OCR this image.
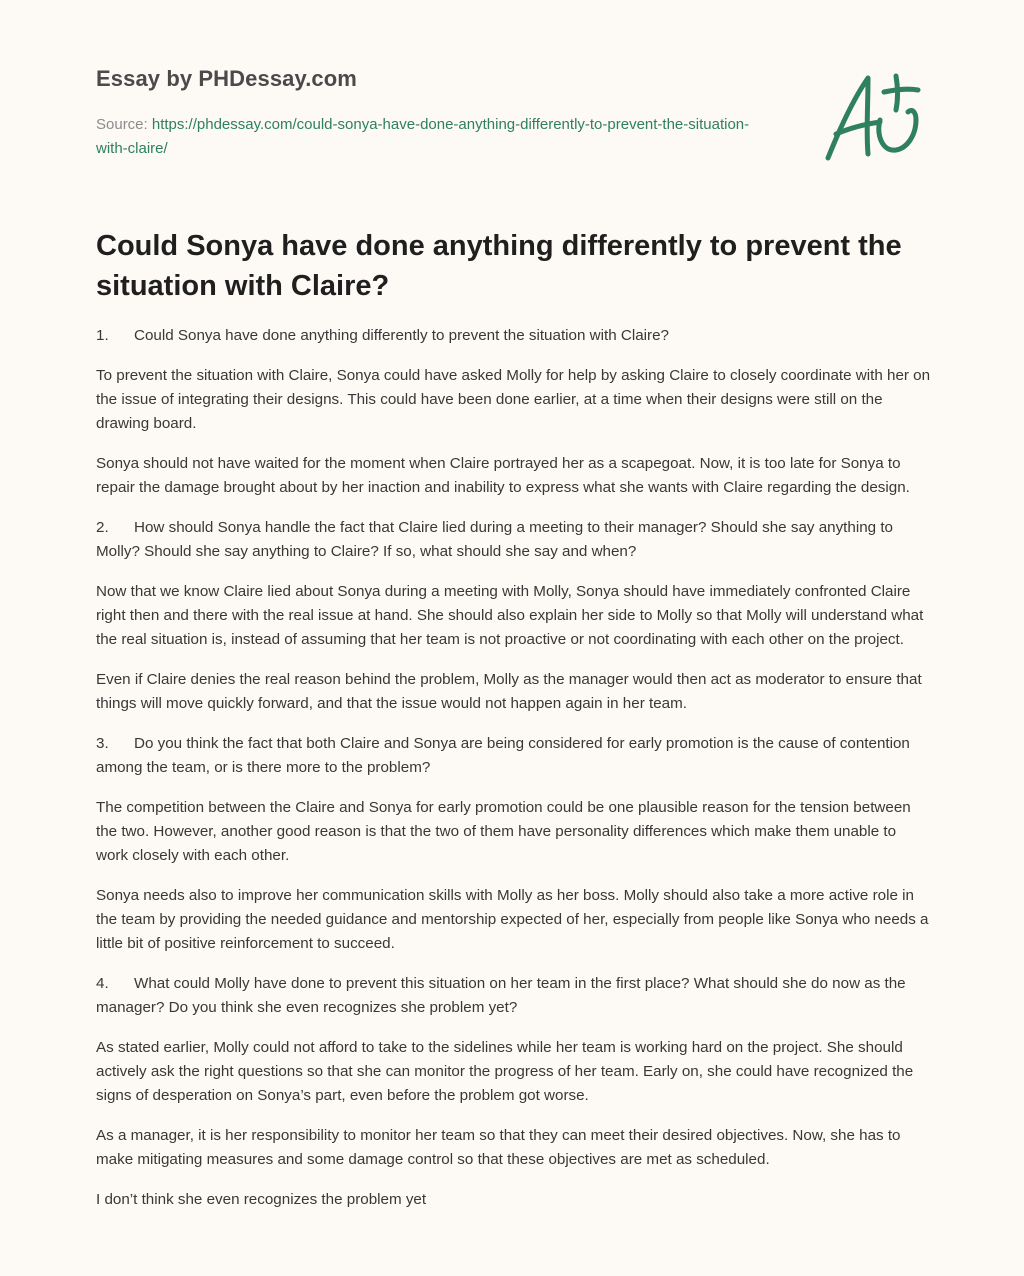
Essay by PHDessay.com
Source: https://phdessay.com/could-sonya-have-done-anything-differently-to-prevent-the-situation-with-claire/
Could Sonya have done anything differently to prevent the situation with Claire?

1. Could Sonya have done anything differently to prevent the situation with Claire?

To prevent the situation with Claire, Sonya could have asked Molly for help by asking Claire to closely coordinate with her on the issue of integrating their designs. This could have been done earlier, at a time when their designs were still on the drawing board.

Sonya should not have waited for the moment when Claire portrayed her as a scapegoat. Now, it is too late for Sonya to repair the damage brought about by her inaction and inability to express what she wants with Claire regarding the design.

2. How should Sonya handle the fact that Claire lied during a meeting to their manager? Should she say anything to Molly? Should she say anything to Claire? If so, what should she say and when?

Now that we know Claire lied about Sonya during a meeting with Molly, Sonya should have immediately confronted Claire right then and there with the real issue at hand. She should also explain her side to Molly so that Molly will understand what the real situation is, instead of assuming that her team is not proactive or not coordinating with each other on the project.

Even if Claire denies the real reason behind the problem, Molly as the manager would then act as moderator to ensure that things will move quickly forward, and that the issue would not happen again in her team.

3. Do you think the fact that both Claire and Sonya are being considered for early promotion is the cause of contention among the team, or is there more to the problem?

The competition between the Claire and Sonya for early promotion could be one plausible reason for the tension between the two. However, another good reason is that the two of them have personality differences which make them unable to work closely with each other.

Sonya needs also to improve her communication skills with Molly as her boss. Molly should also take a more active role in the team by providing the needed guidance and mentorship expected of her, especially from people like Sonya who needs a little bit of positive reinforcement to succeed.

4. What could Molly have done to prevent this situation on her team in the first place? What should she do now as the manager? Do you think she even recognizes she problem yet?

As stated earlier, Molly could not afford to take to the sidelines while her team is working hard on the project. She should actively ask the right questions so that she can monitor the progress of her team. Early on, she could have recognized the signs of desperation on Sonya’s part, even before the problem got worse.

As a manager, it is her responsibility to monitor her team so that they can meet their desired objectives. Now, she has to make mitigating measures and some damage control so that these objectives are met as scheduled.

I don’t think she even recognizes the problem yet
